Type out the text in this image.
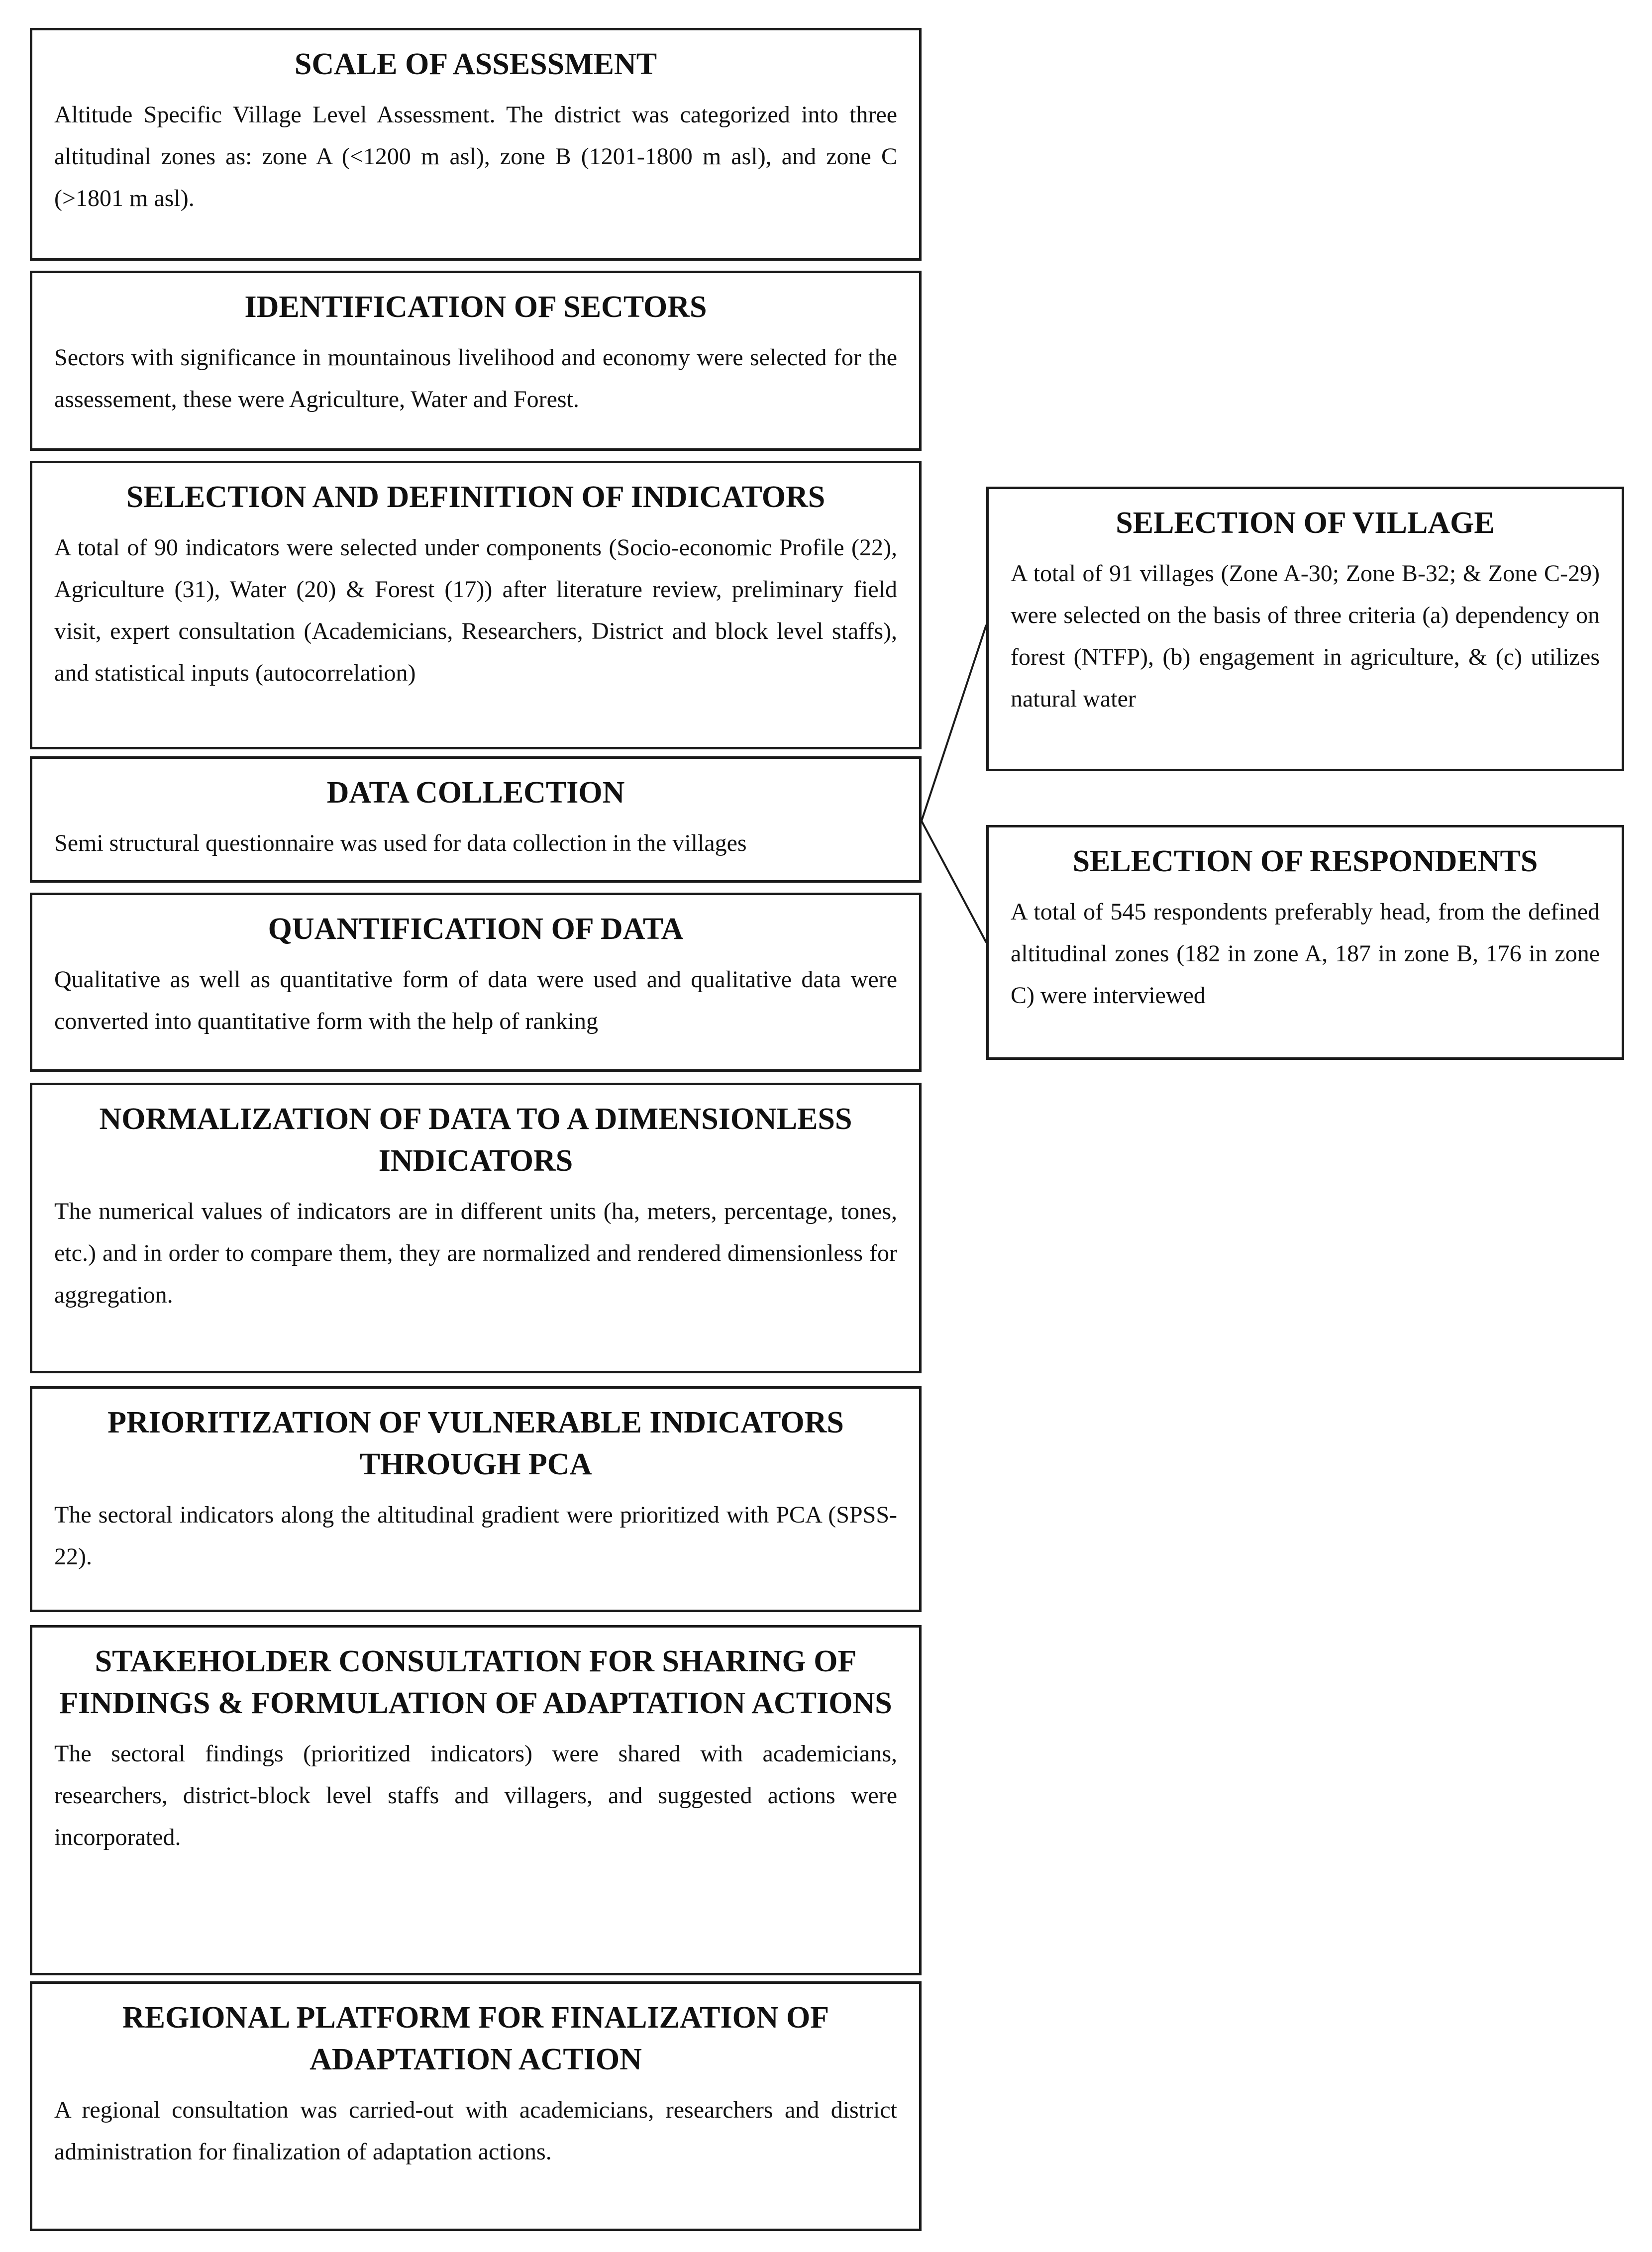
SCALE OF ASSESSMENT

Altitude Specific Village Level Assessment. The district was categorized into three altitudinal zones as: zone A (<1200 m asl), zone B (1201-1800 m asl), and zone C (>1801 m asl).

IDENTIFICATION OF SECTORS

Sectors with significance in mountainous livelihood and economy were selected for the assessement, these were Agriculture, Water and Forest.

SELECTION AND DEFINITION OF INDICATORS

A total of 90 indicators were selected under components (Socio-economic Profile (22), Agriculture (31), Water (20) & Forest (17)) after literature review, preliminary field visit, expert consultation (Academicians, Researchers, District and block level staffs), and statistical inputs (autocorrelation)

DATA COLLECTION

Semi structural questionnaire was used for data collection in the villages

QUANTIFICATION OF DATA

Qualitative as well as quantitative form of data were used and qualitative data were converted into quantitative form with the help of ranking

NORMALIZATION OF DATA TO A DIMENSIONLESS INDICATORS

The numerical values of indicators are in different units (ha, meters, percentage, tones, etc.) and in order to compare them, they are normalized and rendered dimensionless for aggregation.

PRIORITIZATION OF VULNERABLE INDICATORS THROUGH PCA

The sectoral indicators along the altitudinal gradient were prioritized with PCA (SPSS-22).

STAKEHOLDER CONSULTATION FOR SHARING OF FINDINGS & FORMULATION OF ADAPTATION ACTIONS

The sectoral findings (prioritized indicators) were shared with academicians, researchers, district-block level staffs and villagers, and suggested actions were incorporated.

REGIONAL PLATFORM FOR FINALIZATION OF ADAPTATION ACTION

A regional consultation was carried-out with academicians, researchers and district administration for finalization of adaptation actions.

SELECTION OF VILLAGE

A total of 91 villages (Zone A-30; Zone B-32; & Zone C-29) were selected on the basis of three criteria (a) dependency on forest (NTFP), (b) engagement in agriculture, & (c) utilizes natural water

SELECTION OF RESPONDENTS

A total of 545 respondents preferably head, from the defined altitudinal zones (182 in zone A, 187 in zone B, 176 in zone C) were interviewed
